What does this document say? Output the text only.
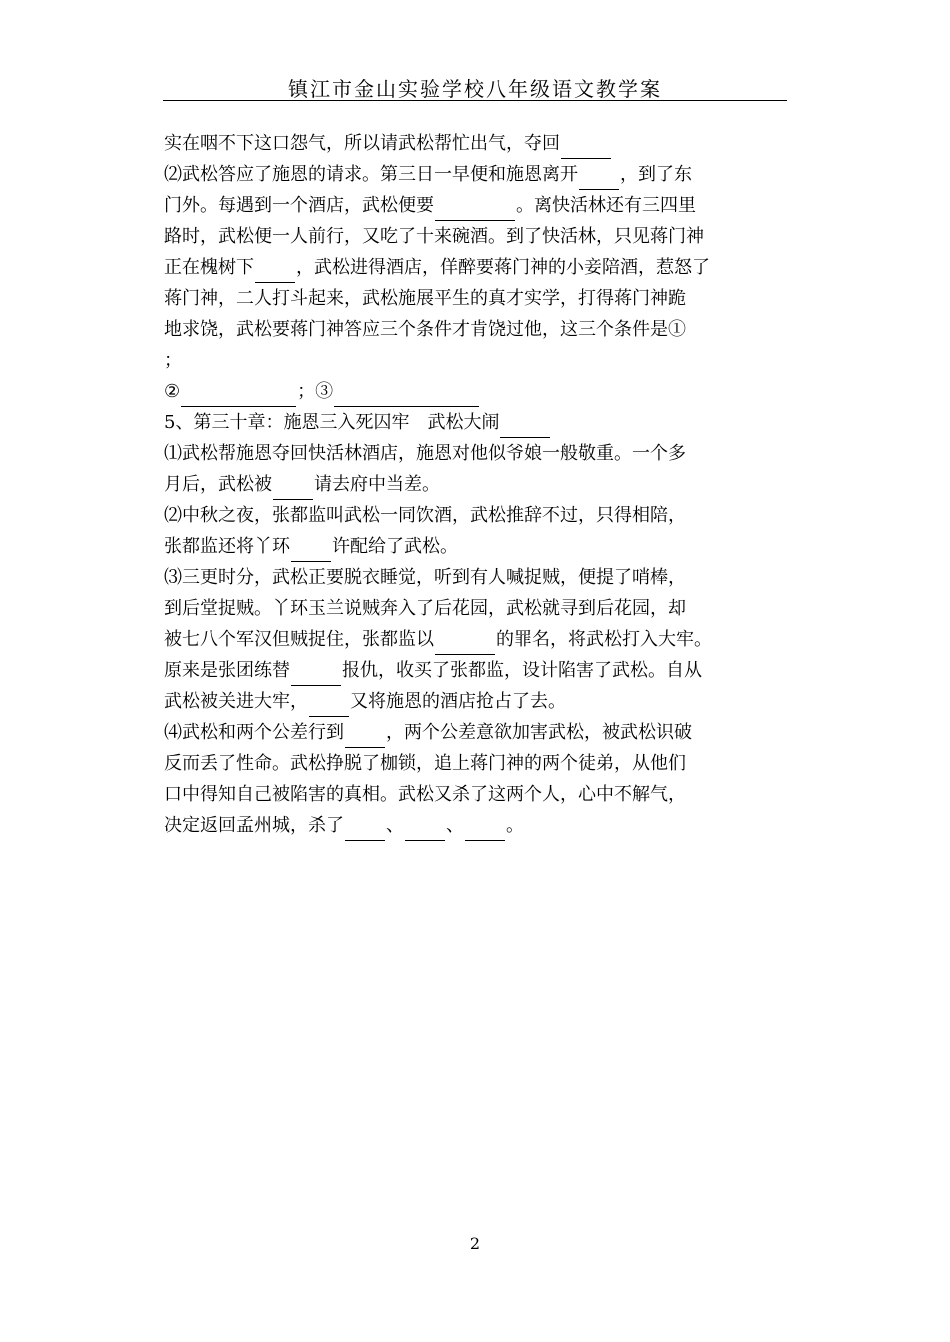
镇江市金山实验学校八年级语文教学案
实在咽不下这口怨气，所以请武松帮忙出气，夺回
⑵武松答应了施恩的请求。第三日一早便和施恩离开 ，到了东
门外。每遇到一个酒店，武松便要	。离快活林还有三四里
路时，武松便一人前行，又吃了十来碗酒。到了快活林，只见蒋门神
正在槐树下 ，武松进得酒店，佯醉要蒋门神的小妾陪酒，惹怒了
蒋门神，二人打斗起来，武松施展平生的真才实学，打得蒋门神跪
地求饶，武松要蒋门神答应三个条件才肯饶过他，这三个条件是①
；
②	；③
5、第三十章：施恩三入死囚牢　武松大闹
⑴武松帮施恩夺回快活林酒店，施恩对他似爷娘一般敬重。一个多
月后，武松被 请去府中当差。
⑵中秋之夜，张都监叫武松一同饮酒，武松推辞不过，只得相陪，
张都监还将丫环 许配给了武松。
⑶三更时分，武松正要脱衣睡觉，听到有人喊捉贼，便提了哨棒，
到后堂捉贼。丫环玉兰说贼奔入了后花园，武松就寻到后花园，却
被七八个军汉但贼捉住，张都监以	的罪名，将武松打入大牢。
原来是张团练替	报仇，收买了张都监，设计陷害了武松。自从
武松被关进大牢， 又将施恩的酒店抢占了去。
⑷武松和两个公差行到 ，两个公差意欲加害武松，被武松识破
反而丢了性命。武松挣脱了枷锁，追上蒋门神的两个徒弟，从他们
口中得知自己被陷害的真相。武松又杀了这两个人，心中不解气，
决定返回孟州城，杀了 、 、 。
2
